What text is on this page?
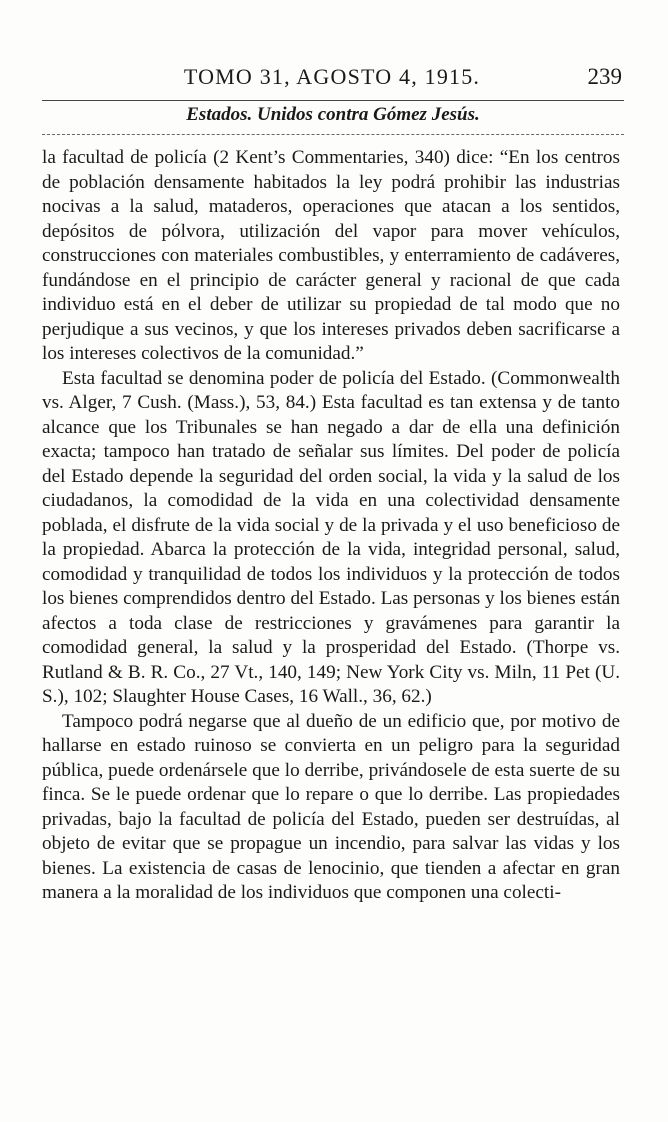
TOMO 31, AGOSTO 4, 1915.	239
Estados. Unidos contra Gómez Jesús.

la facultad de policía (2 Kent’s Commentaries, 340) dice: “En los centros de población densamente habitados la ley podrá prohibir las industrias nocivas a la salud, mataderos, operaciones que atacan a los sentidos, depósitos de pólvora, utilización del vapor para mover vehículos, construcciones con materiales combustibles, y enterramiento de cadáveres, fundándose en el principio de carácter general y racional de que cada individuo está en el deber de utilizar su propiedad de tal modo que no perjudique a sus vecinos, y que los intereses privados deben sacrificarse a los intereses colectivos de la comunidad.”

Esta facultad se denomina poder de policía del Estado. (Commonwealth vs. Alger, 7 Cush. (Mass.), 53, 84.) Esta facultad es tan extensa y de tanto alcance que los Tribunales se han negado a dar de ella una definición exacta; tampoco han tratado de señalar sus límites. Del poder de policía del Estado depende la seguridad del orden social, la vida y la salud de los ciudadanos, la comodidad de la vida en una colectividad densamente poblada, el disfrute de la vida social y de la privada y el uso beneficioso de la propiedad. Abarca la protección de la vida, integridad personal, salud, comodidad y tranquilidad de todos los individuos y la protección de todos los bienes comprendidos dentro del Estado. Las personas y los bienes están afectos a toda clase de restricciones y gravámenes para garantir la comodidad general, la salud y la prosperidad del Estado. (Thorpe vs. Rutland & B. R. Co., 27 Vt., 140, 149; New York City vs. Miln, 11 Pet (U. S.), 102; Slaughter House Cases, 16 Wall., 36, 62.)

Tampoco podrá negarse que al dueño de un edificio que, por motivo de hallarse en estado ruinoso se convierta en un peligro para la seguridad pública, puede ordenársele que lo derribe, privándosele de esta suerte de su finca. Se le puede ordenar que lo repare o que lo derribe. Las propiedades privadas, bajo la facultad de policía del Estado, pueden ser destruídas, al objeto de evitar que se propague un incendio, para salvar las vidas y los bienes. La existencia de casas de lenocinio, que tienden a afectar en gran manera a la moralidad de los individuos que componen una colecti-
